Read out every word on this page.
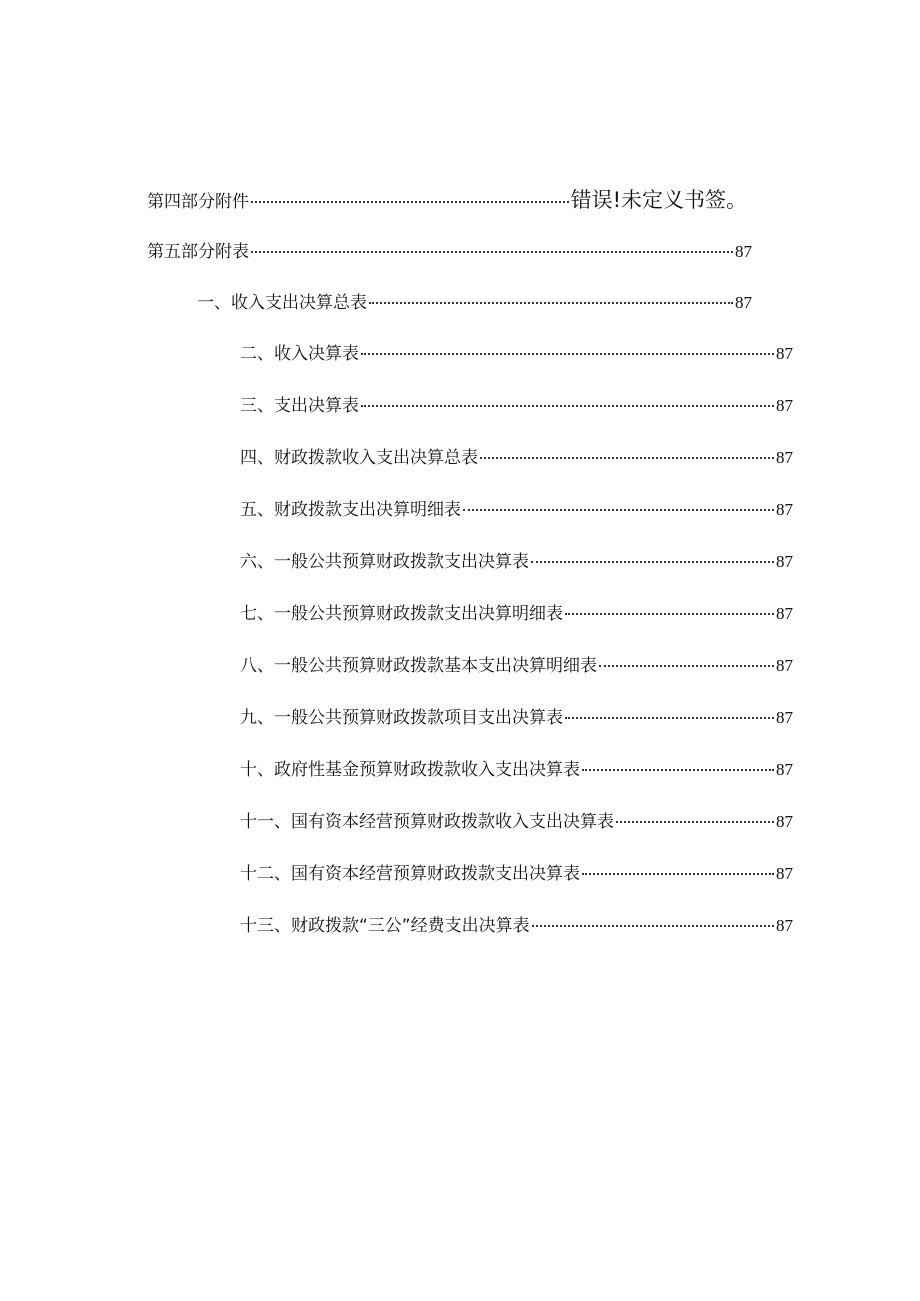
第四部分附件	错误!未定义书签。
第五部分附表	87
一、收入支出决算总表	87
二、收入决算表	87
三、支出决算表	87
四、财政拨款收入支出决算总表	87
五、财政拨款支出决算明细表	87
六、一般公共预算财政拨款支出决算表	87
七、一般公共预算财政拨款支出决算明细表	87
八、一般公共预算财政拨款基本支出决算明细表	87
九、一般公共预算财政拨款项目支出决算表	87
十、政府性基金预算财政拨款收入支出决算表	87
十一、国有资本经营预算财政拨款收入支出决算表	87
十二、国有资本经营预算财政拨款支出决算表	87
十三、财政拨款“三公”经费支出决算表	87
